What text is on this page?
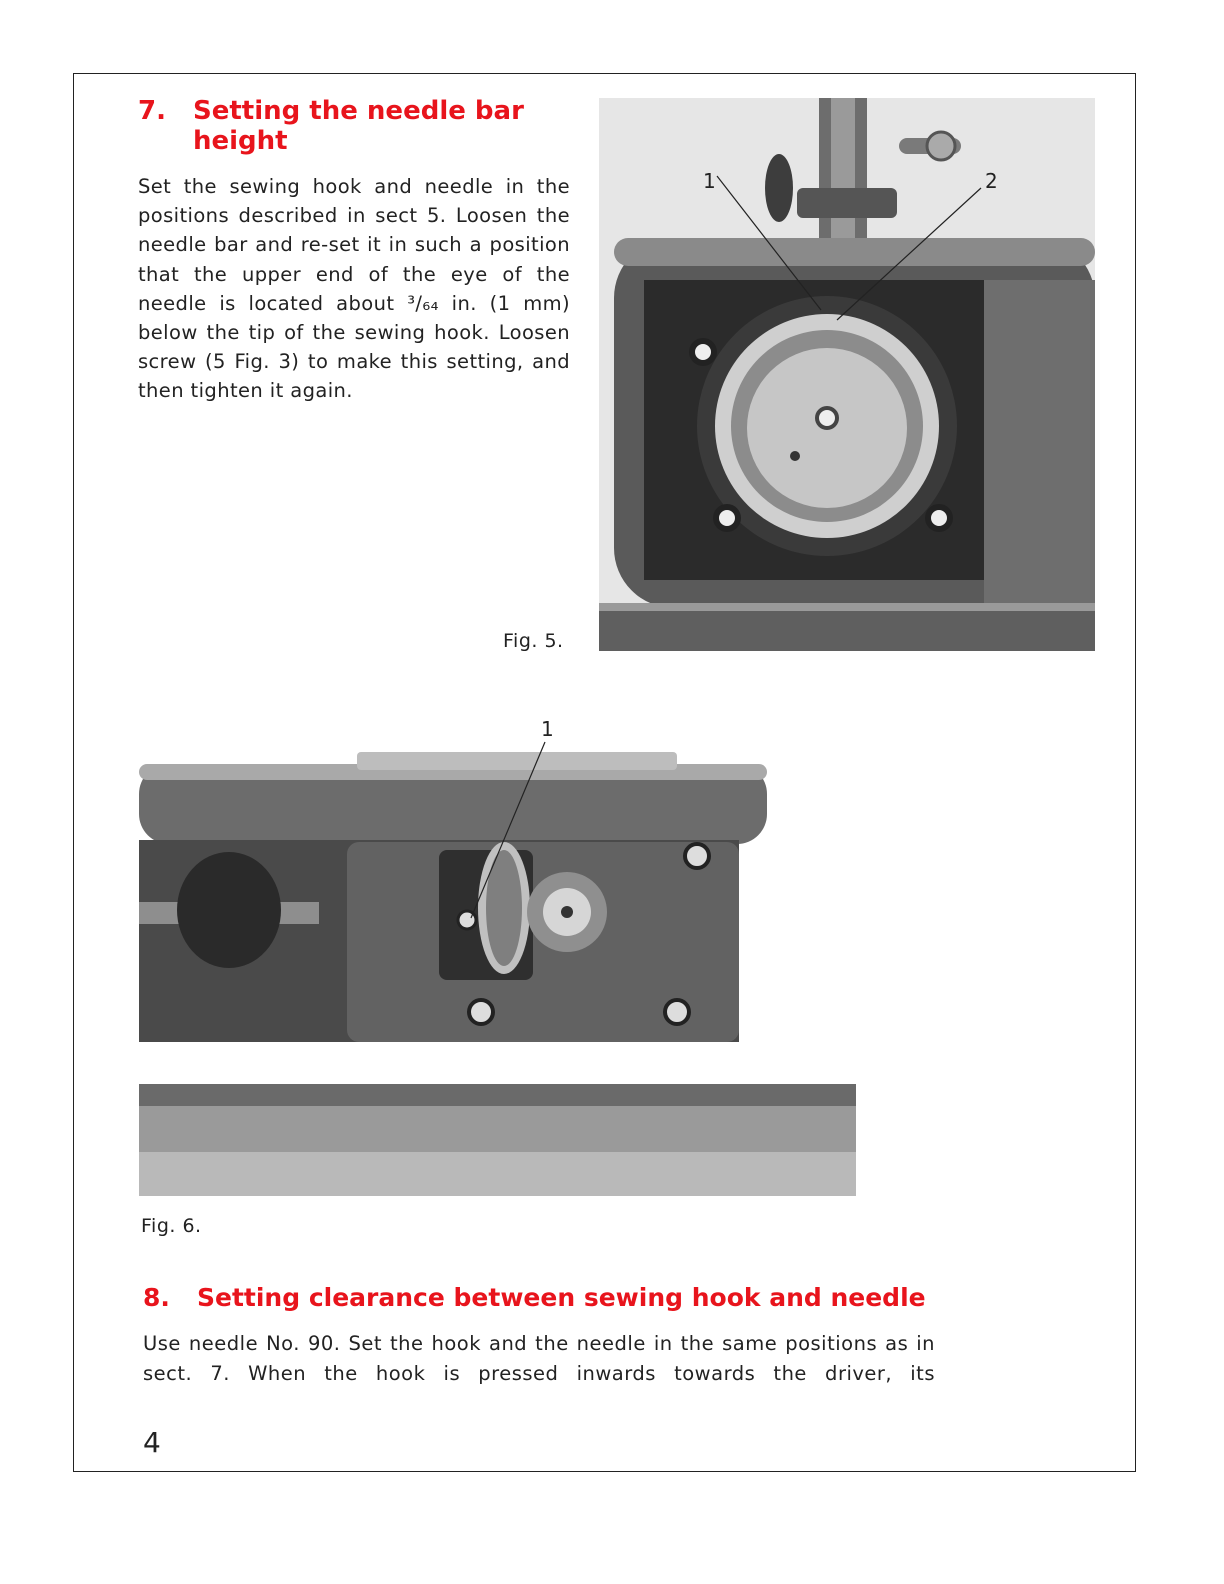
7. Setting the needle bar height
Set the sewing hook and needle in the positions described in sect 5. Loosen the needle bar and re-set it in such a position that the upper end of the eye of the needle is located about ³/₆₄ in. (1 mm) below the tip of the sewing hook. Loosen screw (5 Fig. 3) to make this setting, and then tighten it again.
1	2
Fig. 5.
1
Fig. 6.
8. Setting clearance between sewing hook and needle
Use needle No. 90. Set the hook and the needle in the same positions as in sect. 7. When the hook is pressed inwards towards the driver, its
4
